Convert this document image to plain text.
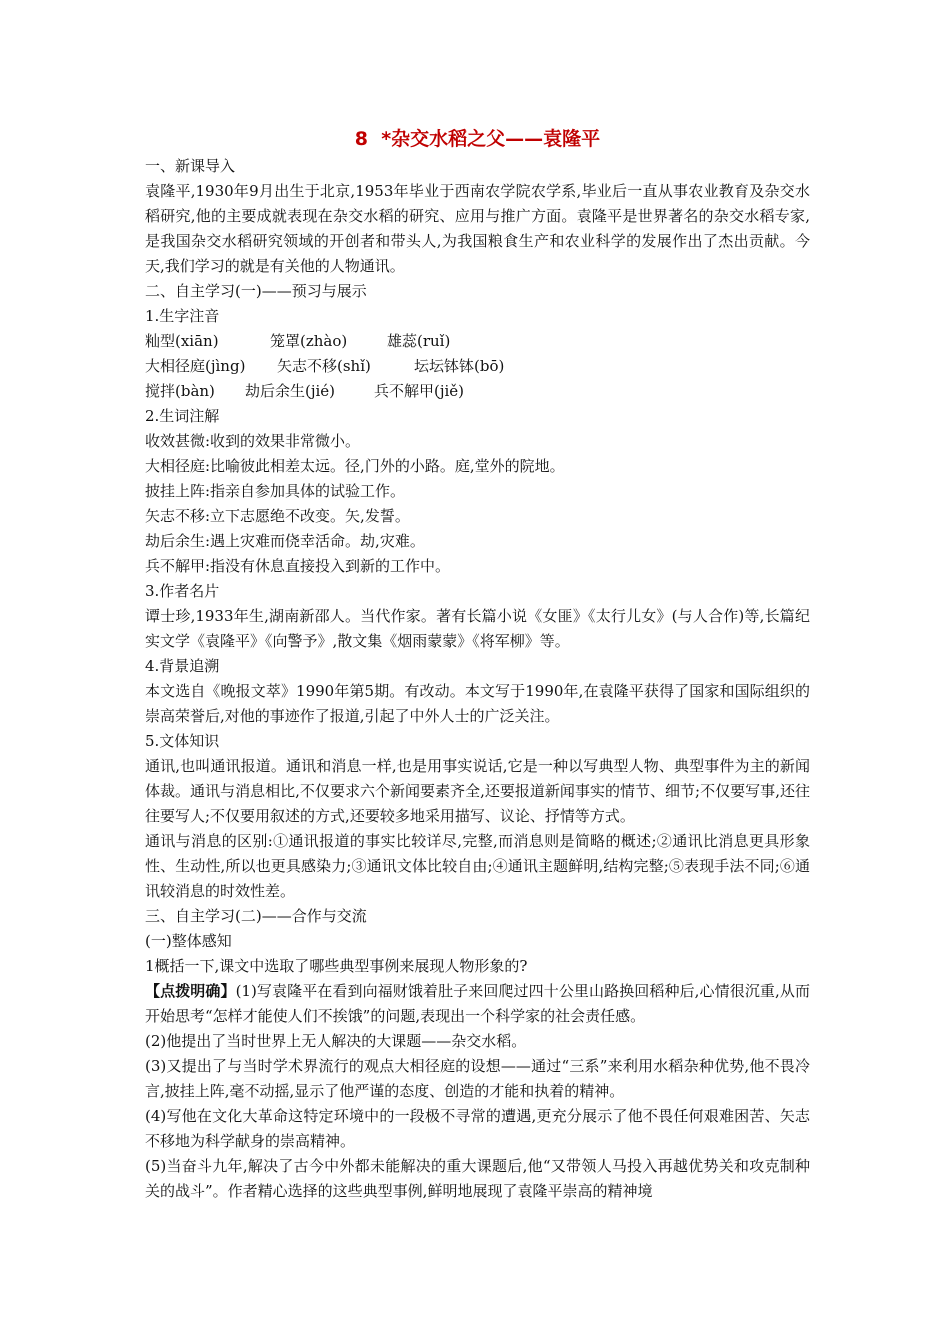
8  *杂交水稻之父——袁隆平
一、新课导入
袁隆平,1930年9月出生于北京,1953年毕业于西南农学院农学系,毕业后一直从事农业教育及杂交水稻研究,他的主要成就表现在杂交水稻的研究、应用与推广方面。袁隆平是世界著名的杂交水稻专家,是我国杂交水稻研究领域的开创者和带头人,为我国粮食生产和农业科学的发展作出了杰出贡献。今天,我们学习的就是有关他的人物通讯。
二、自主学习(一)——预习与展示
1.生字注音
籼型(xiān)	笼罩(zhào)	雄蕊(ruǐ)
大相径庭(jìng) 矢志不移(shǐ)	坛坛钵钵(bō)
搅拌(bàn) 劫后余生(jié)	兵不解甲(jiě)
2.生词注解
收效甚微:收到的效果非常微小。
大相径庭:比喻彼此相差太远。径,门外的小路。庭,堂外的院地。
披挂上阵:指亲自参加具体的试验工作。
矢志不移:立下志愿绝不改变。矢,发誓。
劫后余生:遇上灾难而侥幸活命。劫,灾难。
兵不解甲:指没有休息直接投入到新的工作中。
3.作者名片
谭士珍,1933年生,湖南新邵人。当代作家。著有长篇小说《女匪》《太行儿女》(与人合作)等,长篇纪实文学《袁隆平》《向警予》,散文集《烟雨蒙蒙》《将军柳》等。
4.背景追溯
本文选自《晚报文萃》1990年第5期。有改动。本文写于1990年,在袁隆平获得了国家和国际组织的崇高荣誉后,对他的事迹作了报道,引起了中外人士的广泛关注。
5.文体知识
通讯,也叫通讯报道。通讯和消息一样,也是用事实说话,它是一种以写典型人物、典型事件为主的新闻体裁。通讯与消息相比,不仅要求六个新闻要素齐全,还要报道新闻事实的情节、细节;不仅要写事,还往往要写人;不仅要用叙述的方式,还要较多地采用描写、议论、抒情等方式。
通讯与消息的区别:①通讯报道的事实比较详尽,完整,而消息则是简略的概述;②通讯比消息更具形象性、生动性,所以也更具感染力;③通讯文体比较自由;④通讯主题鲜明,结构完整;⑤表现手法不同;⑥通讯较消息的时效性差。
三、自主学习(二)——合作与交流
(一)整体感知
1概括一下,课文中选取了哪些典型事例来展现人物形象的?
【点拨明确】(1)写袁隆平在看到向福财饿着肚子来回爬过四十公里山路换回稻种后,心情很沉重,从而开始思考“怎样才能使人们不挨饿”的问题,表现出一个科学家的社会责任感。
(2)他提出了当时世界上无人解决的大课题——杂交水稻。
(3)又提出了与当时学术界流行的观点大相径庭的设想——通过“三系”来利用水稻杂种优势,他不畏冷言,披挂上阵,毫不动摇,显示了他严谨的态度、创造的才能和执着的精神。
(4)写他在文化大革命这特定环境中的一段极不寻常的遭遇,更充分展示了他不畏任何艰难困苦、矢志不移地为科学献身的崇高精神。
(5)当奋斗九年,解决了古今中外都未能解决的重大课题后,他“又带领人马投入再越优势关和攻克制种关的战斗”。作者精心选择的这些典型事例,鲜明地展现了袁隆平崇高的精神境
